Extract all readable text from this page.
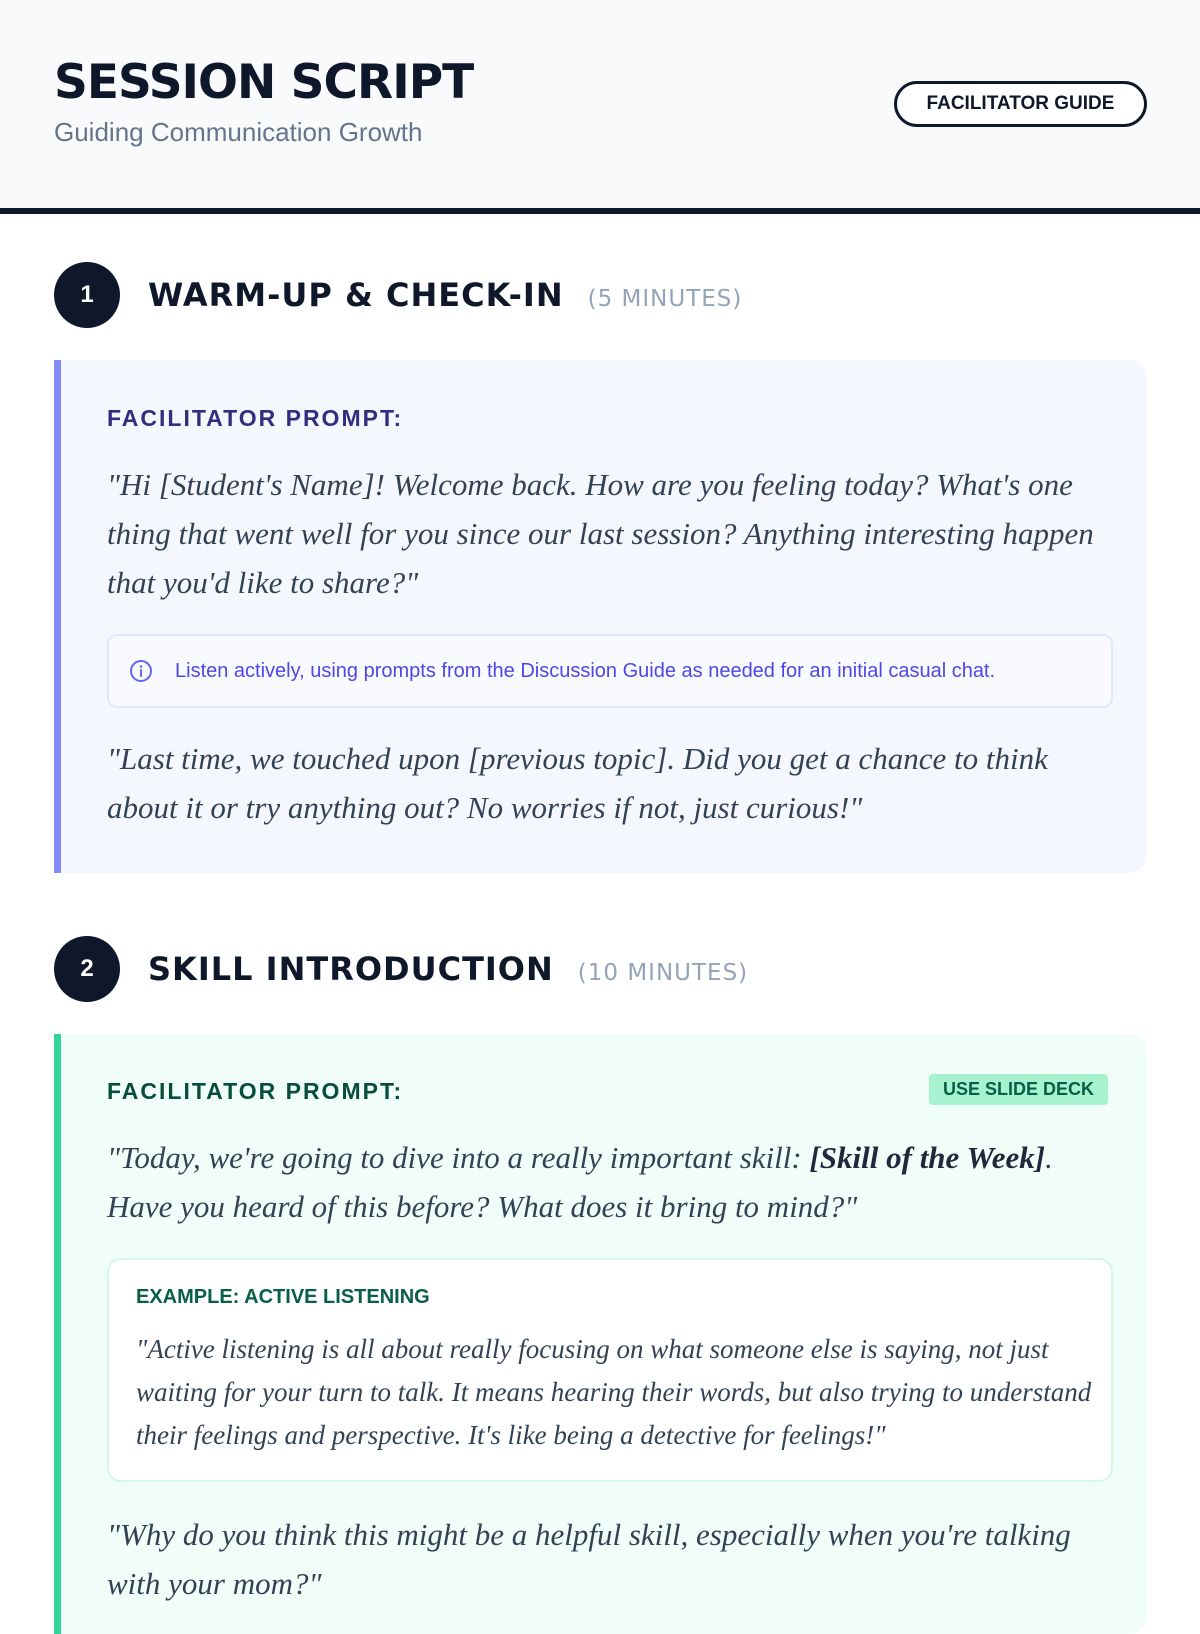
SESSION SCRIPT
Guiding Communication Growth
FACILITATOR GUIDE
1	WARM-UP & CHECK-IN (5 MINUTES)
FACILITATOR PROMPT:
"Hi [Student's Name]! Welcome back. How are you feeling today? What's one thing that went well for you since our last session? Anything interesting happen that you'd like to share?"
Listen actively, using prompts from the Discussion Guide as needed for an initial casual chat.
"Last time, we touched upon [previous topic]. Did you get a chance to think about it or try anything out? No worries if not, just curious!"
2	SKILL INTRODUCTION (10 MINUTES)
FACILITATOR PROMPT:	USE SLIDE DECK
"Today, we're going to dive into a really important skill: [Skill of the Week]. Have you heard of this before? What does it bring to mind?"
EXAMPLE: ACTIVE LISTENING
"Active listening is all about really focusing on what someone else is saying, not just waiting for your turn to talk. It means hearing their words, but also trying to understand their feelings and perspective. It's like being a detective for feelings!"
"Why do you think this might be a helpful skill, especially when you're talking with your mom?"
